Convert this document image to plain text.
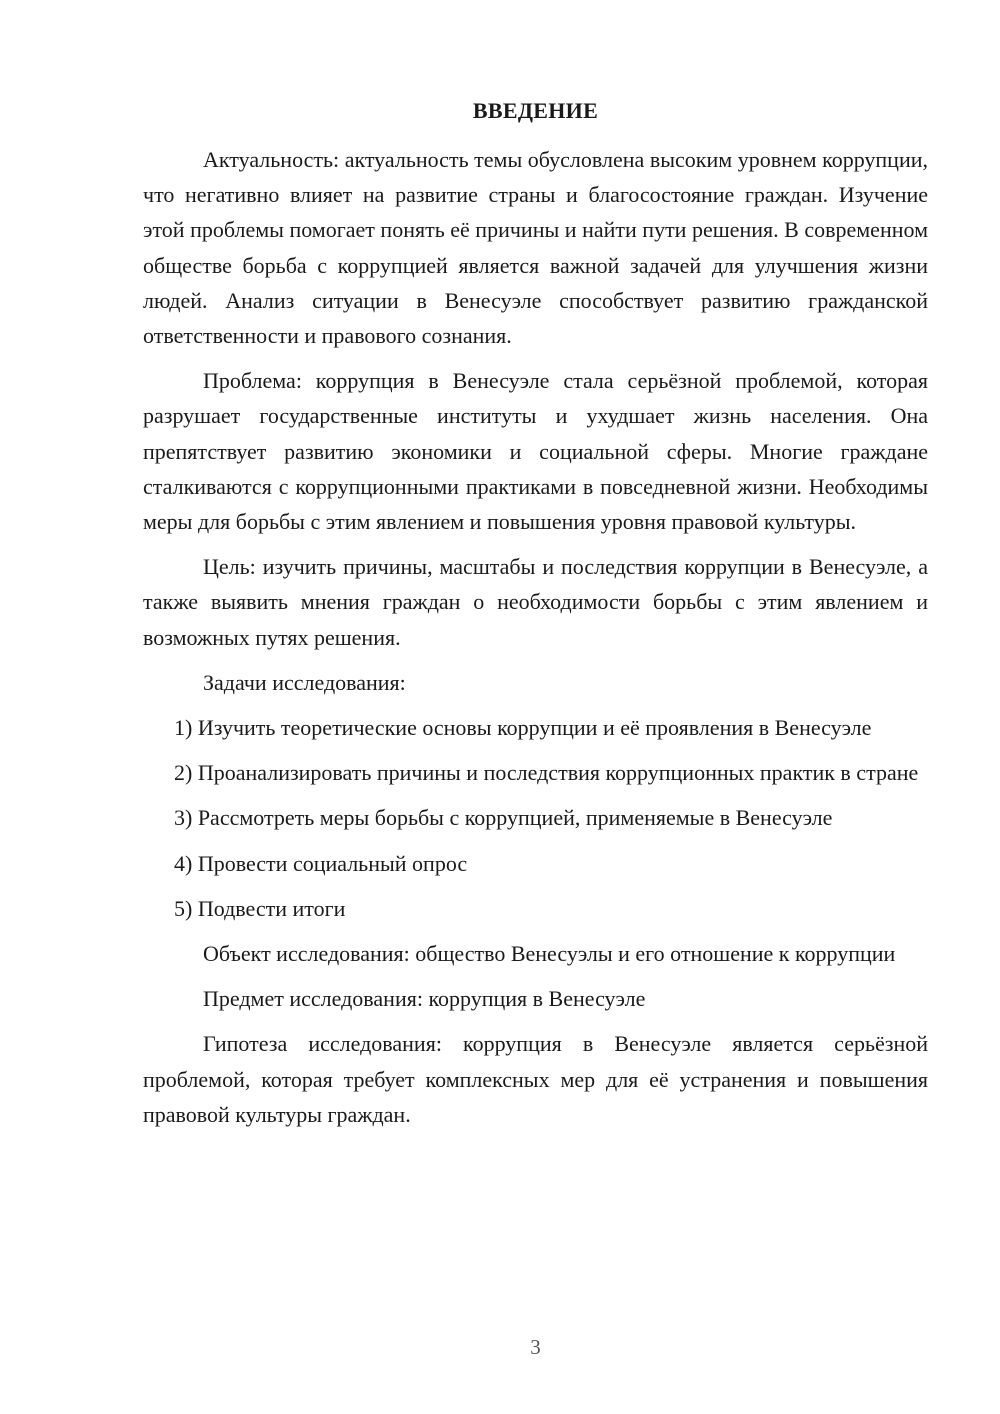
ВВЕДЕНИЕ

Актуальность: актуальность темы обусловлена высоким уровнем коррупции, что негативно влияет на развитие страны и благосостояние граждан. Изучение этой проблемы помогает понять её причины и найти пути решения. В современном обществе борьба с коррупцией является важной задачей для улучшения жизни людей. Анализ ситуации в Венесуэле способствует развитию гражданской ответственности и правового сознания.

Проблема: коррупция в Венесуэле стала серьёзной проблемой, которая разрушает государственные институты и ухудшает жизнь населения. Она препятствует развитию экономики и социальной сферы. Многие граждане сталкиваются с коррупционными практиками в повседневной жизни. Необходимы меры для борьбы с этим явлением и повышения уровня правовой культуры.

Цель: изучить причины, масштабы и последствия коррупции в Венесуэле, а также выявить мнения граждан о необходимости борьбы с этим явлением и возможных путях решения.

Задачи исследования:

1) Изучить теоретические основы коррупции и её проявления в Венесуэле

2) Проанализировать причины и последствия коррупционных практик в стране

3) Рассмотреть меры борьбы с коррупцией, применяемые в Венесуэле

4) Провести социальный опрос

5) Подвести итоги

Объект исследования: общество Венесуэлы и его отношение к коррупции

Предмет исследования: коррупция в Венесуэле

Гипотеза исследования: коррупция в Венесуэле является серьёзной проблемой, которая требует комплексных мер для её устранения и повышения правовой культуры граждан.

3
